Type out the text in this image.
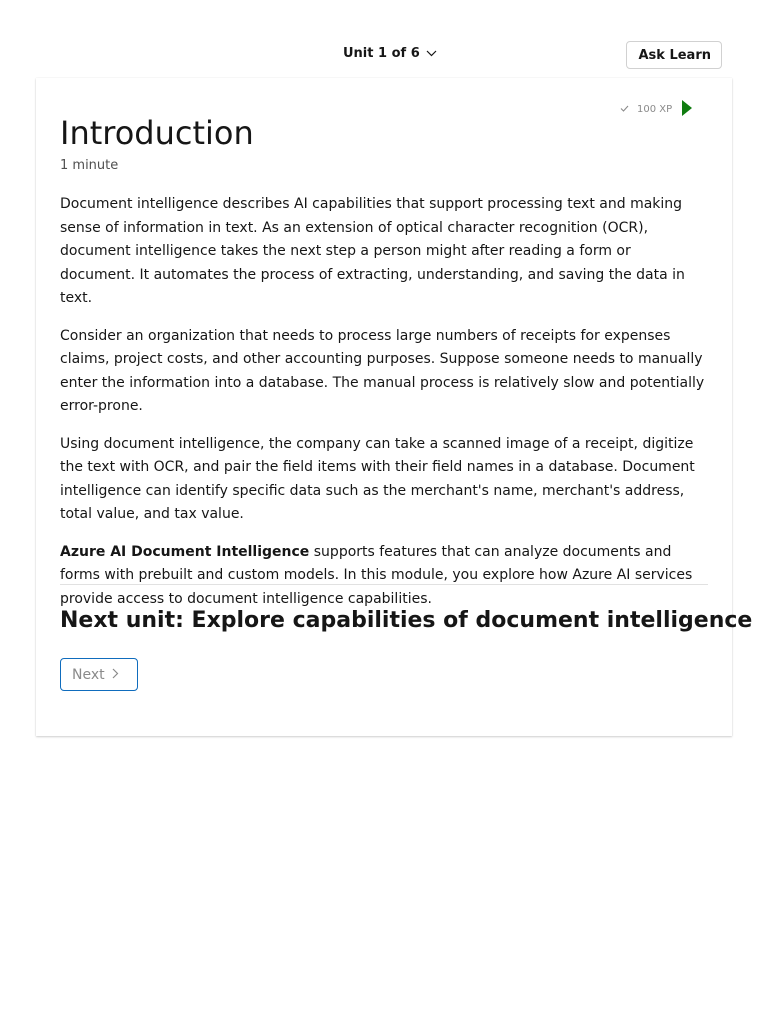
Unit 1 of 6	Ask Learn
100 XP
Introduction
1 minute

Document intelligence describes AI capabilities that support processing text and making sense of information in text. As an extension of optical character recognition (OCR), document intelligence takes the next step a person might after reading a form or document. It automates the process of extracting, understanding, and saving the data in text.

Consider an organization that needs to process large numbers of receipts for expenses claims, project costs, and other accounting purposes. Suppose someone needs to manually enter the information into a database. The manual process is relatively slow and potentially error-prone.

Using document intelligence, the company can take a scanned image of a receipt, digitize the text with OCR, and pair the field items with their field names in a database. Document intelligence can identify specific data such as the merchant's name, merchant's address, total value, and tax value.

Azure AI Document Intelligence supports features that can analyze documents and forms with prebuilt and custom models. In this module, you explore how Azure AI services provide access to document intelligence capabilities.

Next unit: Explore capabilities of document intelligence
Next
